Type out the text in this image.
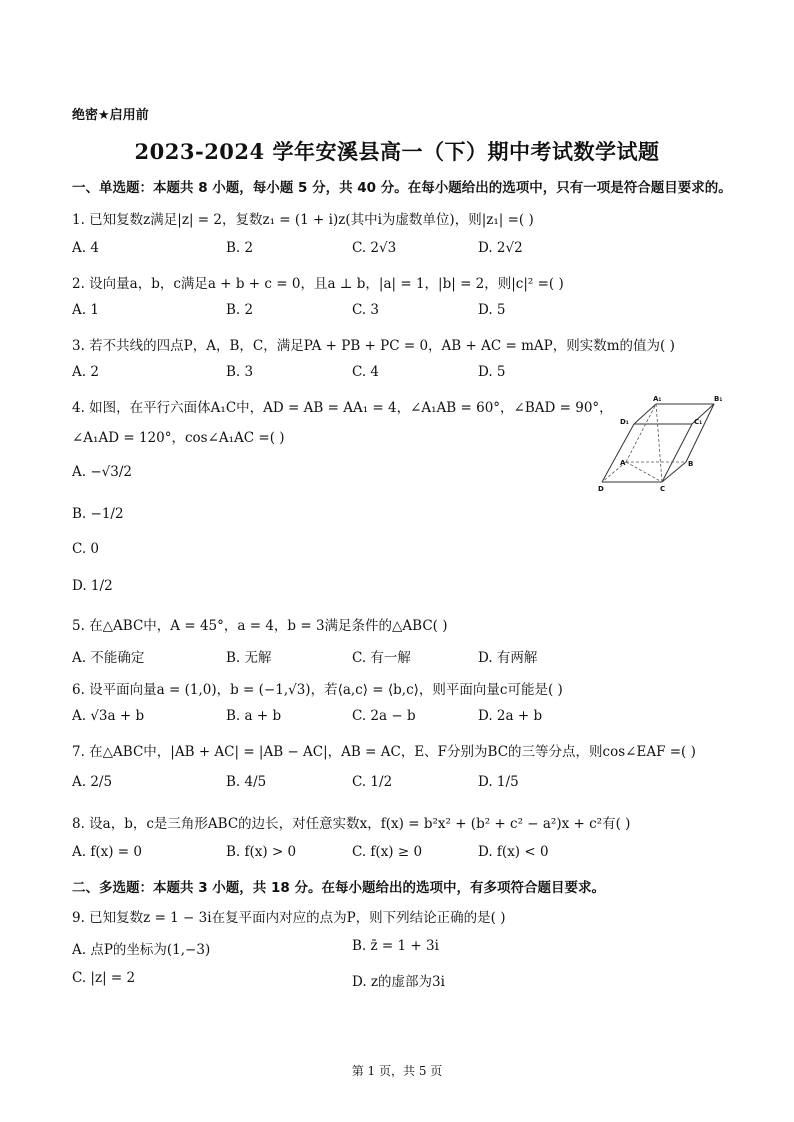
绝密★启用前
2023-2024 学年安溪县高一（下）期中考试数学试题
一、单选题：本题共 8 小题，每小题 5 分，共 40 分。在每小题给出的选项中，只有一项是符合题目要求的。
1. 已知复数z满足|z| = 2，复数z₁ = (1 + i)z(其中i为虚数单位)，则|z₁| =( )
A. 4	B. 2	C. 2√3	D. 2√2
2. 设向量a，b，c满足a + b + c = 0，且a ⊥ b，|a| = 1，|b| = 2，则|c|² =( )
A. 1	B. 2	C. 3	D. 5
3. 若不共线的四点P，A，B，C，满足PA + PB + PC = 0，AB + AC = mAP，则实数m的值为( )
A. 2	B. 3	C. 4	D. 5
4. 如图，在平行六面体A₁C中，AD = AB = AA₁ = 4，∠A₁AB = 60°，∠BAD = 90°，
∠A₁AD = 120°，cos∠A₁AC =( )
A. −√3/2
B. −1/2
C. 0
D. 1/2
A₁	B₁
D₁	C₁
A	B
D	C
5. 在△ABC中，A = 45°，a = 4，b = 3满足条件的△ABC( )
A. 不能确定	B. 无解	C. 有一解	D. 有两解
6. 设平面向量a = (1,0)，b = (−1,√3)，若⟨a,c⟩ = ⟨b,c⟩，则平面向量c可能是( )
A. √3a + b	B. a + b	C. 2a − b	D. 2a + b
7. 在△ABC中，|AB + AC| = |AB − AC|，AB = AC，E、F分别为BC的三等分点，则cos∠EAF =( )
A. 2/5	B. 4/5	C. 1/2	D. 1/5
8. 设a，b，c是三角形ABC的边长，对任意实数x，f(x) = b²x² + (b² + c² − a²)x + c²有( )
A. f(x) = 0	B. f(x) > 0	C. f(x) ≥ 0	D. f(x) < 0
二、多选题：本题共 3 小题，共 18 分。在每小题给出的选项中，有多项符合题目要求。
9. 已知复数z = 1 − 3i在复平面内对应的点为P，则下列结论正确的是( )
A. 点P的坐标为(1,−3)	B. z̄ = 1 + 3i
C. |z| = 2	D. z的虚部为3i
第 1 页，共 5 页
